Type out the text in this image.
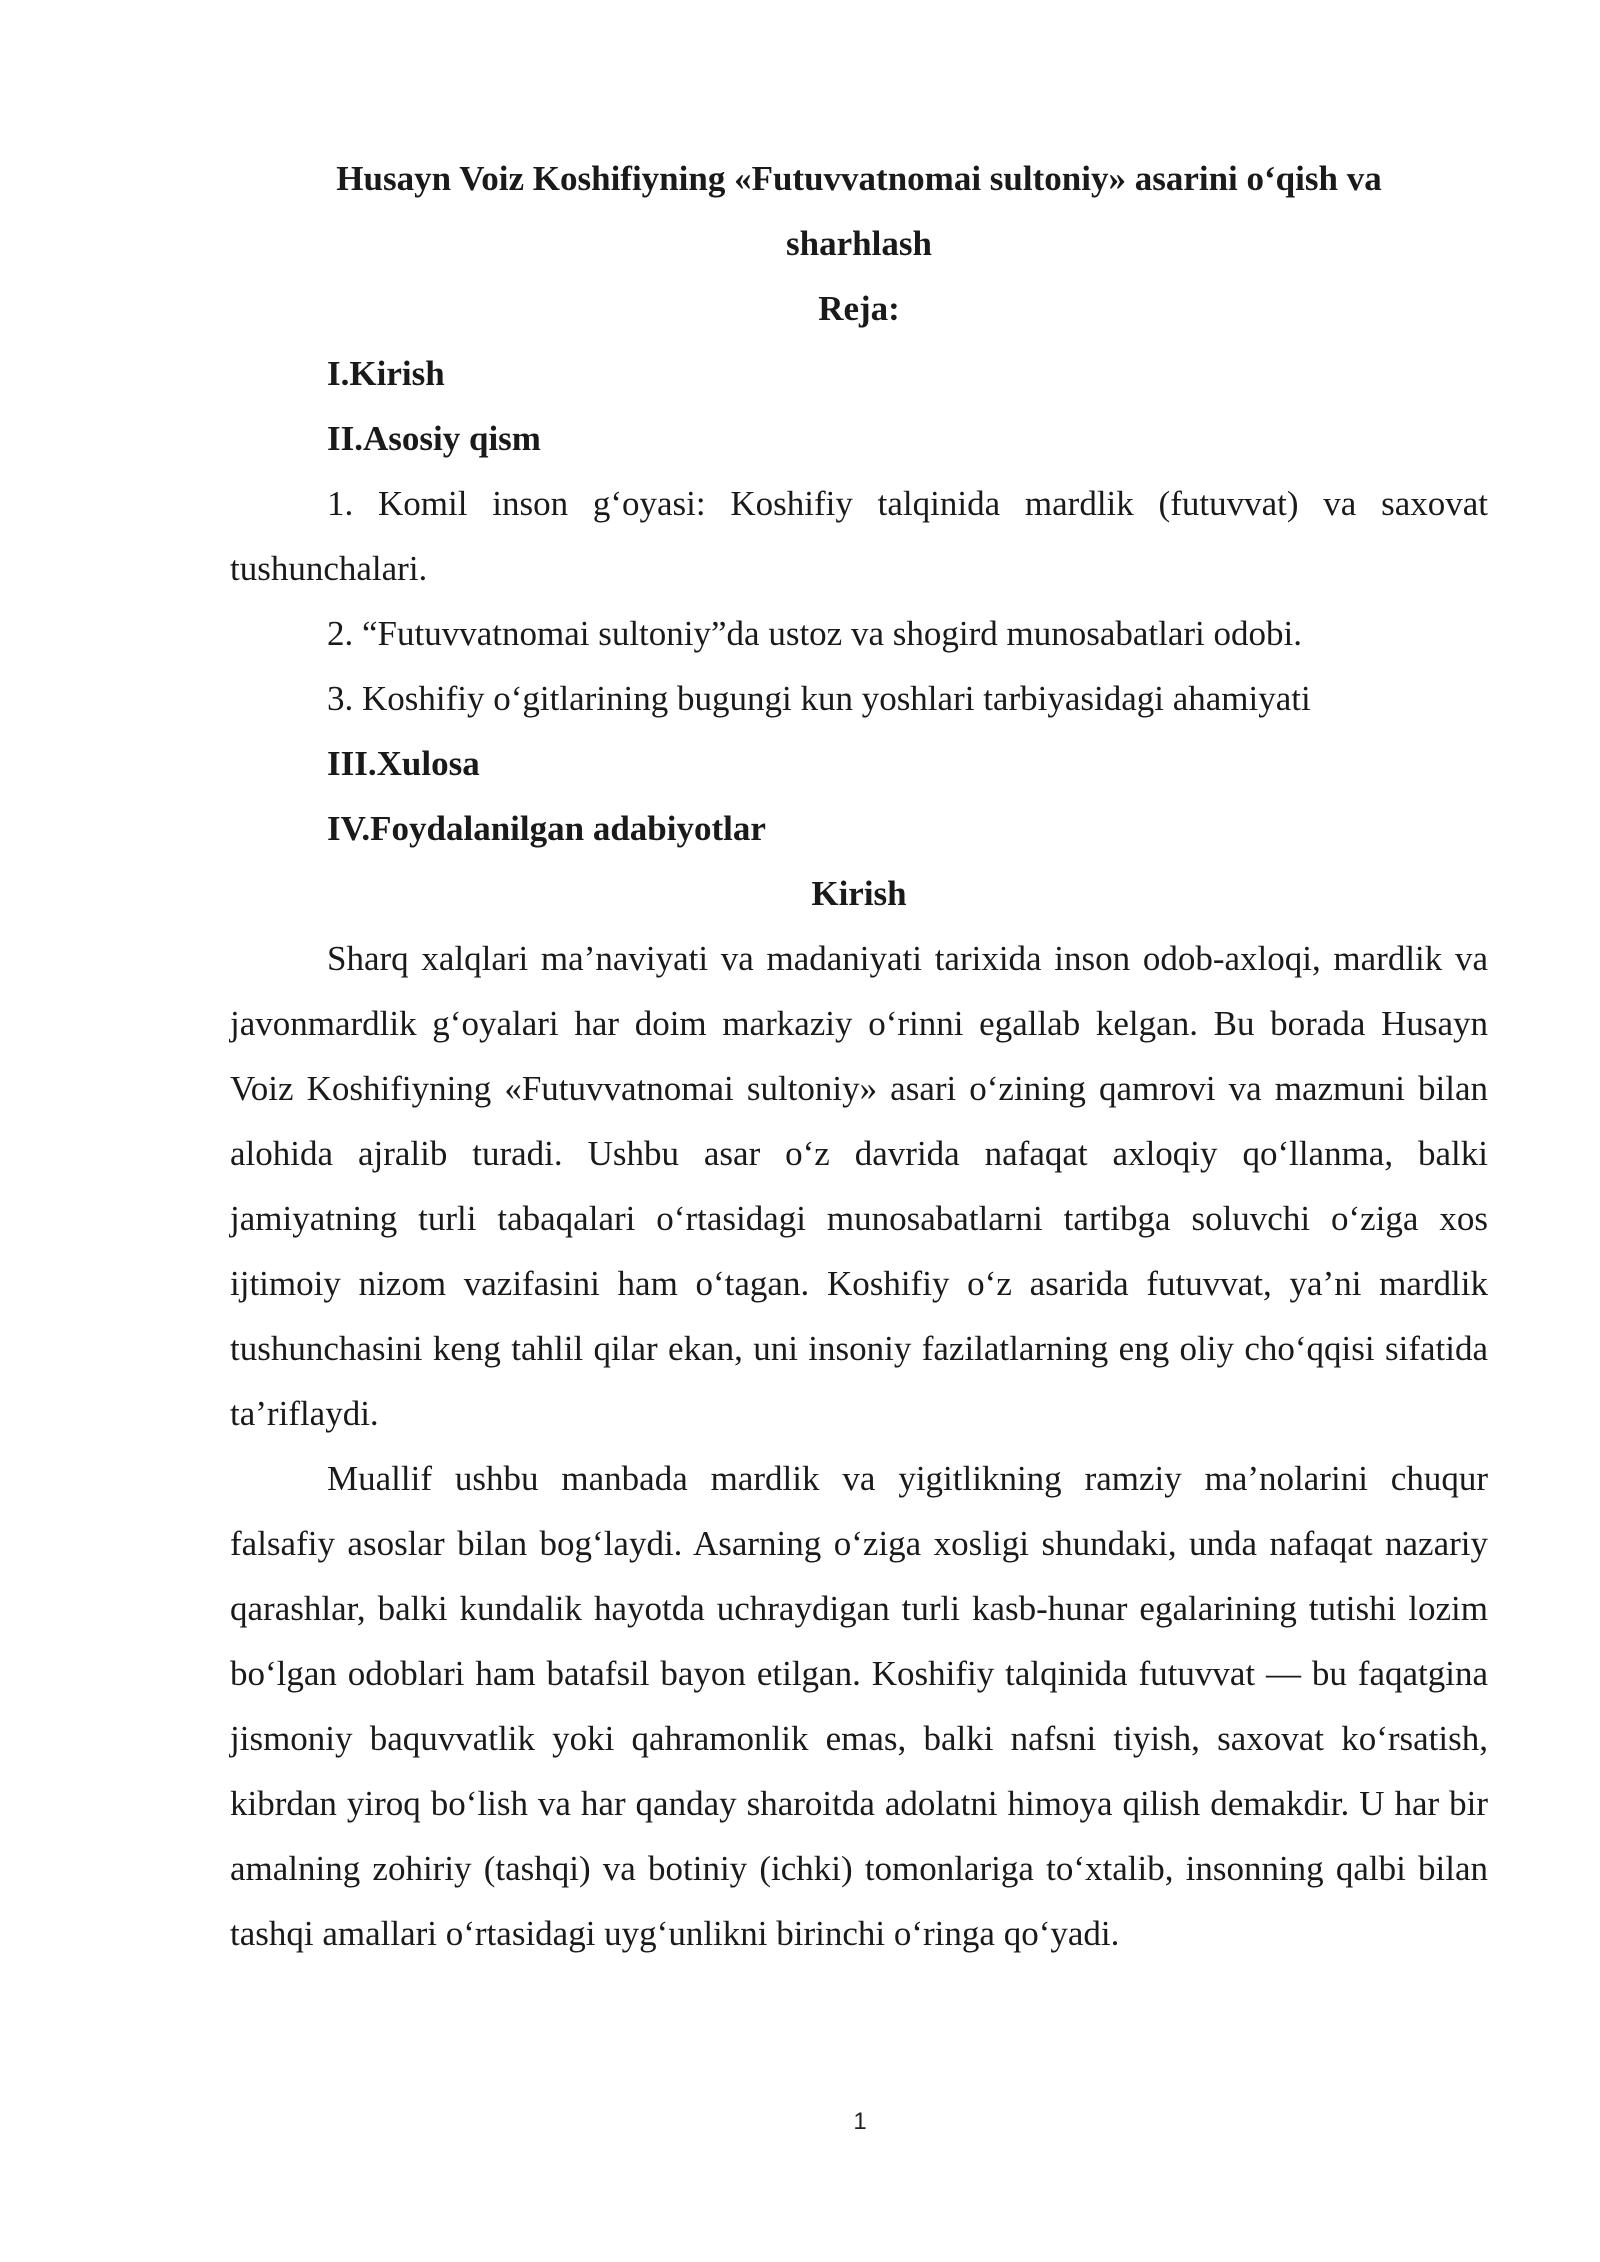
Husayn Voiz Koshifiyning «Futuvvatnomai sultoniy» asarini o‘qish va

sharhlash

Reja:

I.Kirish

II.Asosiy qism

1. Komil inson g‘oyasi: Koshifiy talqinida mardlik (futuvvat) va saxovat tushunchalari.

2. “Futuvvatnomai sultoniy”da ustoz va shogird munosabatlari odobi.

3. Koshifiy o‘gitlarining bugungi kun yoshlari tarbiyasidagi ahamiyati

III.Xulosa

IV.Foydalanilgan adabiyotlar

Kirish

Sharq xalqlari ma’naviyati va madaniyati tarixida inson odob-axloqi, mardlik va javonmardlik g‘oyalari har doim markaziy o‘rinni egallab kelgan. Bu borada Husayn Voiz Koshifiyning «Futuvvatnomai sultoniy» asari o‘zining qamrovi va mazmuni bilan alohida ajralib turadi. Ushbu asar o‘z davrida nafaqat axloqiy qo‘llanma, balki jamiyatning turli tabaqalari o‘rtasidagi munosabatlarni tartibga soluvchi o‘ziga xos ijtimoiy nizom vazifasini ham o‘tagan. Koshifiy o‘z asarida futuvvat, ya’ni mardlik tushunchasini keng tahlil qilar ekan, uni insoniy fazilatlarning eng oliy cho‘qqisi sifatida ta’riflaydi.

Muallif ushbu manbada mardlik va yigitlikning ramziy ma’nolarini chuqur falsafiy asoslar bilan bog‘laydi. Asarning o‘ziga xosligi shundaki, unda nafaqat nazariy qarashlar, balki kundalik hayotda uchraydigan turli kasb-hunar egalarining tutishi lozim bo‘lgan odoblari ham batafsil bayon etilgan. Koshifiy talqinida futuvvat — bu faqatgina jismoniy baquvvatlik yoki qahramonlik emas, balki nafsni tiyish, saxovat ko‘rsatish, kibrdan yiroq bo‘lish va har qanday sharoitda adolatni himoya qilish demakdir. U har bir amalning zohiriy (tashqi) va botiniy (ichki) tomonlariga to‘xtalib, insonning qalbi bilan tashqi amallari o‘rtasidagi uyg‘unlikni birinchi o‘ringa qo‘yadi.

1
